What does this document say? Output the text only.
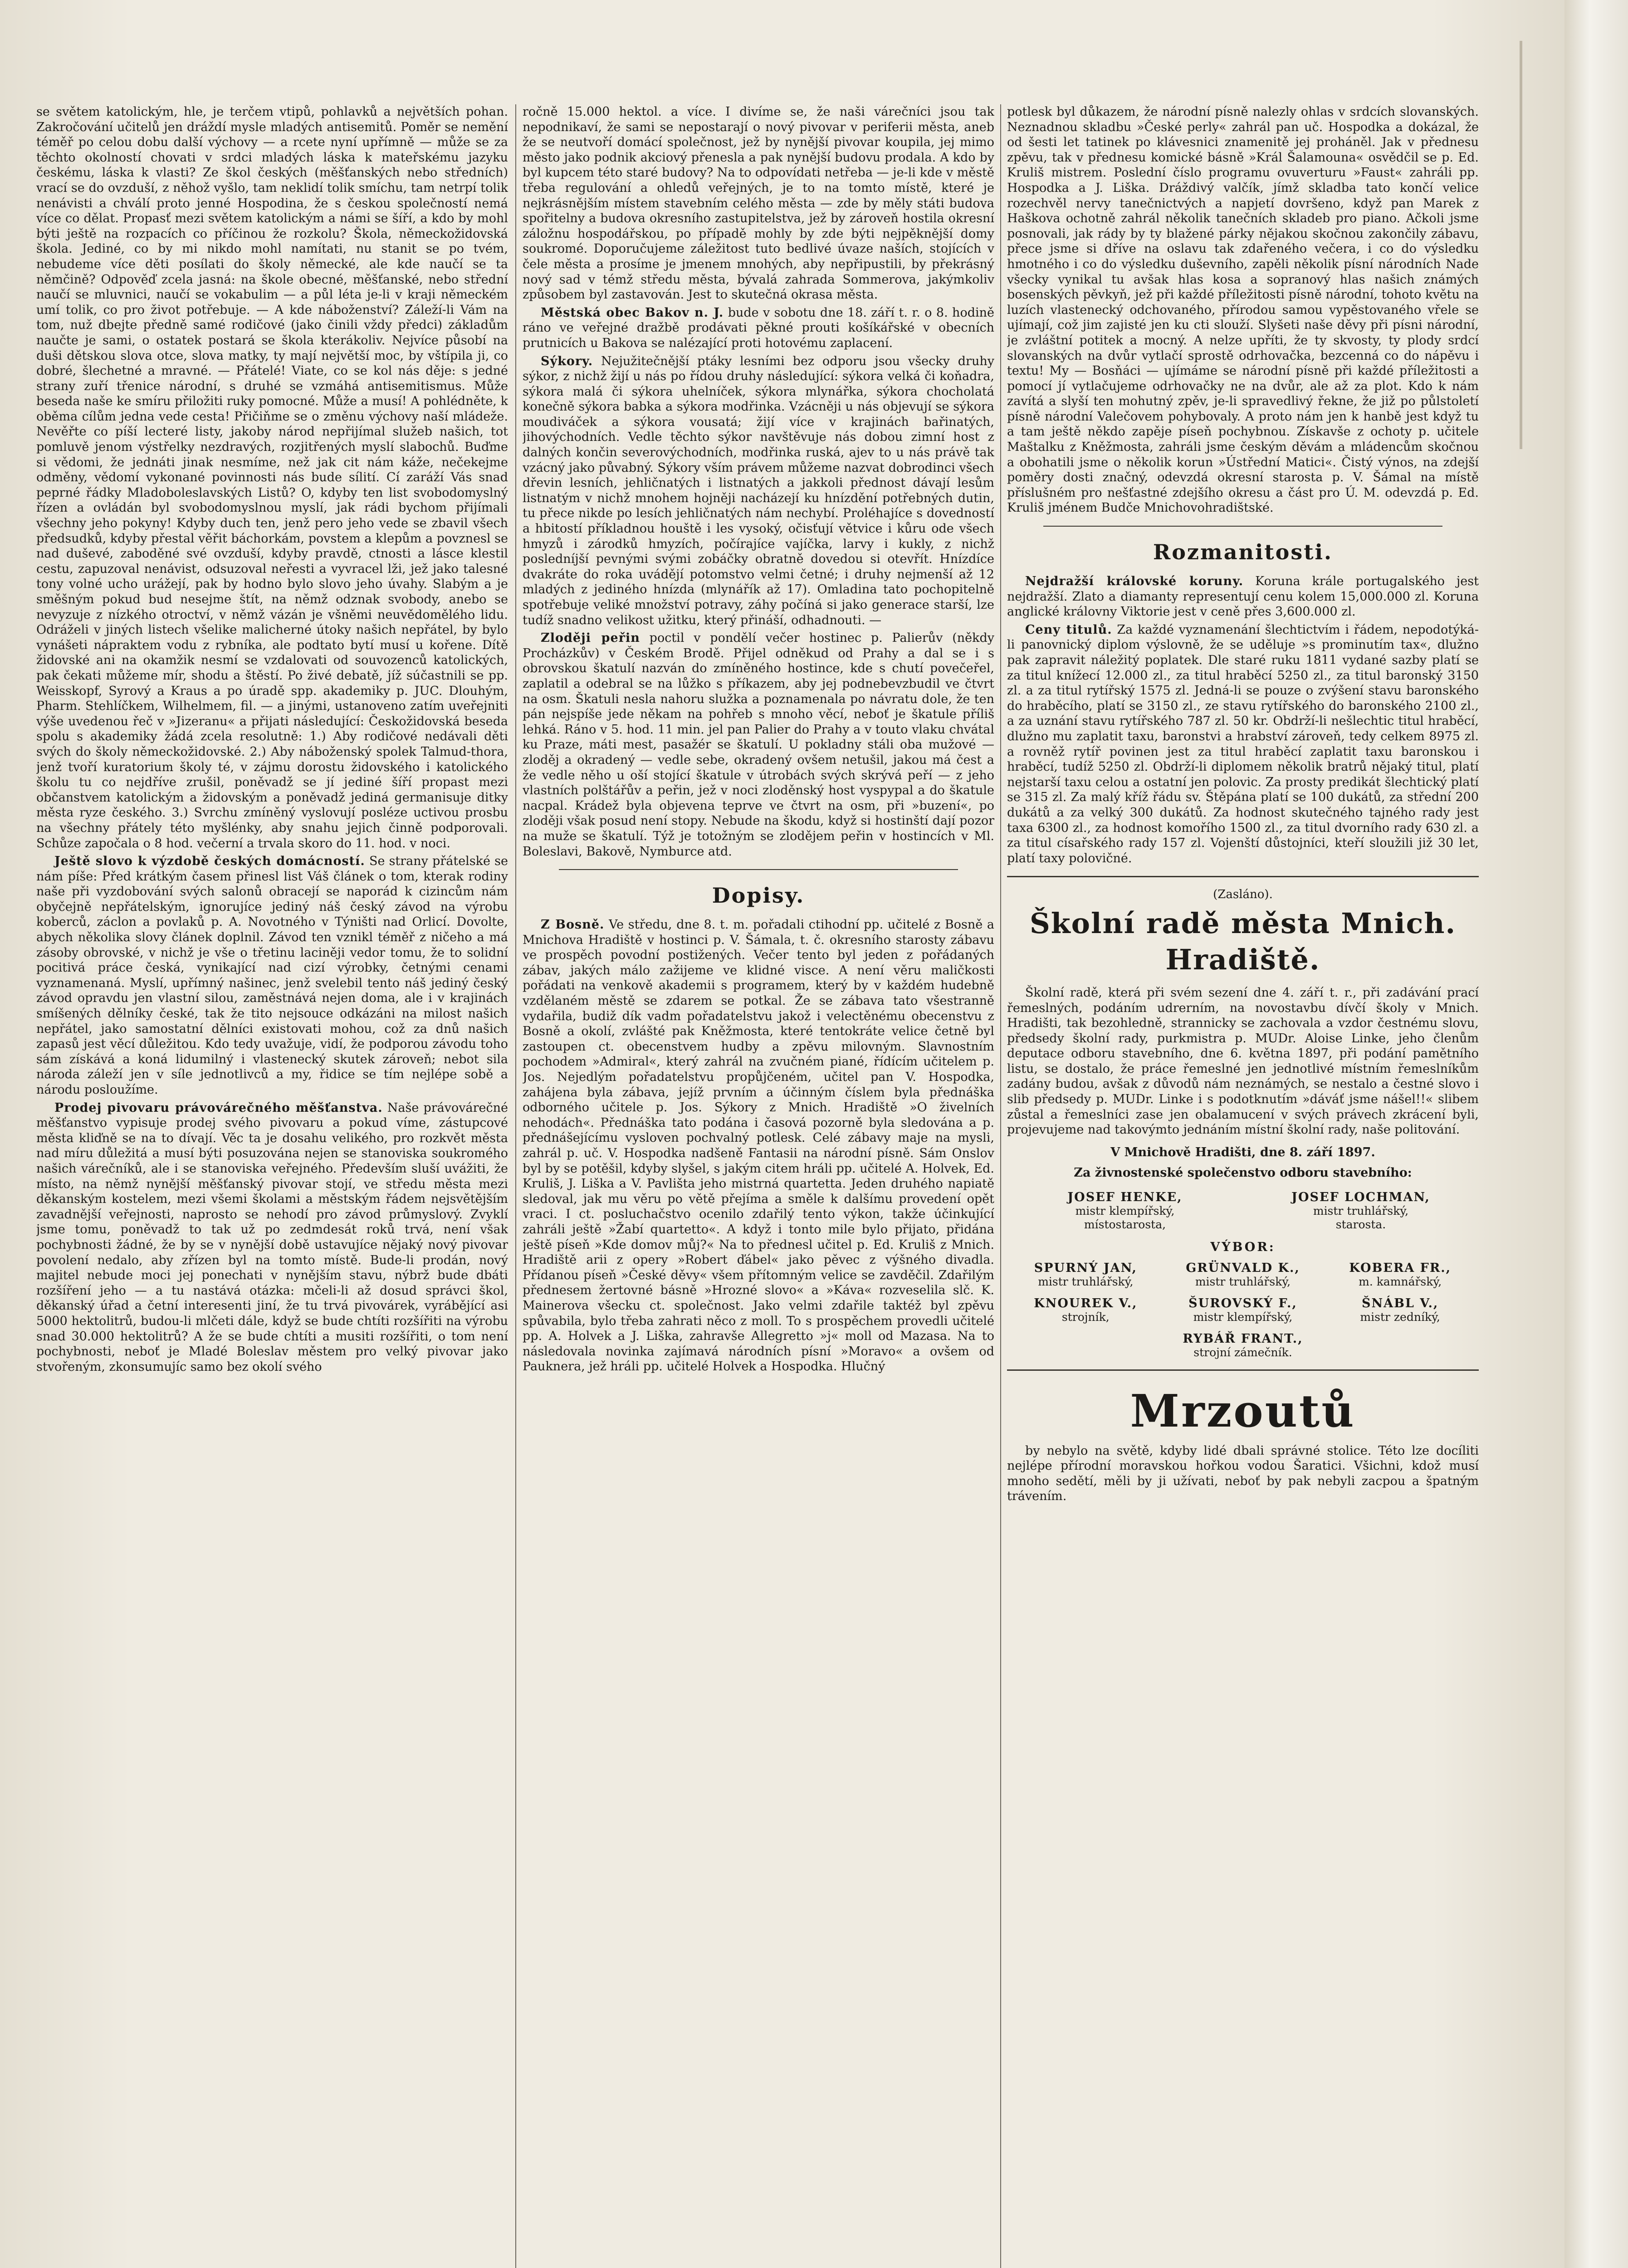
se světem katolickým, hle, je terčem vtipů, pohlavků a největších pohan. Zakročování učitelů jen dráždí mysle mladých antisemitů. Poměr se nemění téměř po celou dobu další výchovy — a rcete nyní upřímně — může se za těchto okolností chovati v srdci mladých láska k mateřskému jazyku českému, láska k vlasti? Ze škol českých (měšťanských nebo středních) vrací se do ovzduší, z něhož vyšlo, tam neklidí tolik smíchu, tam netrpí tolik nenávisti a chválí proto jenné Hospodina, že s českou společností nemá více co dělat. Propasť mezi světem katolickým a námi se šíří, a kdo by mohl býti ještě na rozpacích co příčinou že rozkolu? Škola, německožidovská škola. Jediné, co by mi nikdo mohl namítati, nu stanit se po tvém, nebudeme více děti posílati do školy německé, ale kde naučí se ta němčině? Odpověď zcela jasná: na škole obecné, měšťanské, nebo střední naučí se mluvnici, naučí se vokabulim — a půl léta je-li v kraji německém umí tolik, co pro život potřebuje. — A kde náboženství? Záleží-li Vám na tom, nuž dbejte předně samé rodičové (jako činili vždy předci) základům naučte je sami, o ostatek postará se škola kterákoliv. Nejvíce působí na duši dětskou slova otce, slova matky, ty mají největší moc, by vštípila ji, co dobré, šlechetné a mravné. — Přátelé! Viate, co se kol nás děje: s jedné strany zuří třenice národní, s druhé se vzmáhá antisemitismus. Může beseda naše ke smíru přiložiti ruky pomocné. Může a musí! A pohlédněte, k oběma cílům jedna vede cesta! Přičiňme se o změnu výchovy naší mládeže. Nevěřte co píší lecteré listy, jakoby národ nepřijímal služeb našich, tot pomluvě jenom výstřelky nezdravých, rozjitřených myslí slabochů. Buďme si vědomi, že jednáti jinak nesmíme, než jak cit nám káže, nečekejme odměny, vědomí vykonané povinnosti nás bude sílití. Cí zaráží Vás snad peprné řádky Mladoboleslavských Listů? O, kdyby ten list svobodomyslný řízen a ovládán byl svobodomyslnou myslí, jak rádi bychom přijímali všechny jeho pokyny! Kdyby duch ten, jenž pero jeho vede se zbavil všech předsudků, kdyby přestal věřit báchorkám, povstem a klepům a povznesl se nad duševé, zaboděné své ovzduší, kdyby pravdě, ctnosti a lásce klestil cestu, zapuzoval nenávist, odsuzoval neřesti a vyvracel lži, jež jako talesné tony volné ucho urážejí, pak by hodno bylo slovo jeho úvahy. Slabým a je směšným pokud bud nesejme štít, na němž odznak svobody, anebo se nevyzuje z nízkého otroctví, v němž vázán je všněmi neuvědomělého lidu. Odráželi v jiných listech všelike malicherné útoky našich nepřátel, by bylo vynášeti nápraktem vodu z rybníka, ale podtato bytí musí u kořene. Dítě židovské ani na okamžik nesmí se vzdalovati od souvozenců katolických, pak čekati můžeme mír, shodu a štěstí. Po živé debatě, jíž súčastnili se pp. Weisskopf, Syrový a Kraus a po úradě spp. akademiky p. JUC. Dlouhým, Pharm. Stehlíčkem, Wilhelmem, fil. — a jinými, ustanoveno zatím uveřejniti výše uvedenou řeč v »Jizeranu« a přijati následující: Českožidovská beseda spolu s akademiky žádá zcela resolutně: 1.) Aby rodičové nedávali děti svých do školy německožidovské. 2.) Aby náboženský spolek Talmud-thora, jenž tvoří kuratorium školy té, v zájmu dorostu židovského i katolického školu tu co nejdříve zrušil, poněvadž se jí jediné šíří propast mezi občanstvem katolickým a židovským a poněvadž jediná germanisuje ditky města ryze českého. 3.) Svrchu zmíněný vyslovují posléze uctivou prosbu na všechny přátely této myšlénky, aby snahu jejich činně podporovali. Schůze započala o 8 hod. večerní a trvala skoro do 11. hod. v noci.

Ještě slovo k výzdobě českých domácností. Se strany přátelské se nám píše: Před krátkým časem přinesl list Váš článek o tom, kterak rodiny naše při vyzdobování svých salonů obracejí se naporád k cizincům nám obyčejně nepřátelským, ignorujíce jediný náš český závod na výrobu koberců, záclon a povlaků p. A. Novotného v Týništi nad Orlicí. Dovolte, abych několika slovy článek doplnil. Závod ten vznikl téměř z ničeho a má zásoby obrovské, v nichž je vše o třetinu laciněji vedor tomu, že to solidní pocitivá práce česká, vynikající nad cizí výrobky, četnými cenami vyznamenaná. Myslí, upřímný našinec, jenž svelebil tento náš jediný český závod opravdu jen vlastní silou, zaměstnává nejen doma, ale i v krajinách smíšených dělníky české, tak že tito nejsouce odkázáni na milost našich nepřátel, jako samostatní dělníci existovati mohou, což za dnů našich zapasů jest věcí důležitou. Kdo tedy uvažuje, vidí, že podporou závodu toho sám získává a koná lidumilný i vlastenecký skutek zároveň; nebot sila národa záleží jen v síle jednotlivců a my, řidice se tím nejlépe sobě a národu posloužíme.

Prodej pivovaru právovárečného měšťanstva. Naše právovárečné měšťanstvo vypisuje prodej svého pivovaru a pokud víme, zástupcové města kliďně se na to dívají. Věc ta je dosahu velikého, pro rozkvět města nad míru důležitá a musí býti posuzována nejen se stanoviska soukromého našich várečníků, ale i se stanoviska veřejného. Především sluší uvážiti, že místo, na němž nynější měšťanský pivovar stojí, ve středu města mezi děkanským kostelem, mezi všemi školami a městským řádem nejsvětějším zavadnější veřejnosti, naprosto se nehodí pro závod průmyslový. Zvyklí jsme tomu, poněvadž to tak už po zedmdesát roků trvá, není však pochybnosti žádné, že by se v nynější době ustavujíce nějaký nový pivovar povolení nedalo, aby zřízen byl na tomto místě. Bude-li prodán, nový majitel nebude moci jej ponechati v nynějším stavu, nýbrž bude dbáti rozšíření jeho — a tu nastává otázka: mčeli-li až dosud správci škol, děkanský úřad a četní interesenti jiní, že tu trvá pivovárek, vyrábějící asi 5000 hektolitrů, budou-li mlčeti dále, když se bude chtíti rozšířiti na výrobu snad 30.000 hektolitrů? A že se bude chtíti a musiti rozšířiti, o tom není pochybnosti, neboť je Mladé Boleslav městem pro velký pivovar jako stvořeným, zkonsumujíc samo bez okolí svého

ročně 15.000 hektol. a více. I divíme se, že naši várečníci jsou tak nepodnikaví, že sami se nepostarají o nový pivovar v periferii města, aneb že se neutvoří domácí společnost, jež by nynější pivovar koupila, jej mimo město jako podnik akciový přenesla a pak nynější budovu prodala. A kdo by byl kupcem této staré budovy? Na to odpovídati netřeba — je-li kde v městě třeba regulování a ohledů veřejných, je to na tomto místě, které je nejkrásnějším místem stavebním celého města — zde by měly státi budova spořitelny a budova okresního zastupitelstva, jež by zároveň hostila okresní záložnu hospodářskou, po případě mohly by zde býti nejpěknější domy soukromé. Doporučujeme záležitost tuto bedlivé úvaze naších, stojících v čele města a prosíme je jmenem mnohých, aby nepřipustili, by překrásný nový sad v témž středu města, bývalá zahrada Sommerova, jakýmkoliv způsobem byl zastavován. Jest to skutečná okrasa města.

Městská obec Bakov n. J. bude v sobotu dne 18. září t. r. o 8. hodině ráno ve veřejné dražbě prodávati pěkné prouti košíkářské v obecních prutnicích u Bakova se nalézající proti hotovému zaplacení.

Sýkory. Nejužitečnější ptáky lesními bez odporu jsou všecky druhy sýkor, z nichž žijí u nás po řídou druhy následující: sýkora velká či koňadra, sýkora malá či sýkora uhelníček, sýkora mlynářka, sýkora chocholatá konečně sýkora babka a sýkora modřinka. Vzácněji u nás objevují se sýkora moudiváček a sýkora vousatá; žijí více v krajinách bařinatých, jihovýchodních. Vedle těchto sýkor navštěvuje nás dobou zimní host z dalných končin severovýchodních, modřinka ruská, ajev to u nás právě tak vzácný jako půvabný. Sýkory vším právem můžeme nazvat dobrodinci všech dřevin lesních, jehličnatých i listnatých a jakkoli přednost dávají lesům listnatým v nichž mnohem hojněji nacházejí ku hnízdění potřebných dutin, tu přece nikde po lesích jehličnatých nám nechybí. Proléhajíce s dovedností a hbitostí příkladnou houště i les vysoký, očisťují větvice i kůru ode všech hmyzů i zárodků hmyzích, počírajíce vajíčka, larvy i kukly, z nichž posledníjší pevnými svými zobáčky obratně dovedou si otevřít. Hnízdíce dvakráte do roka uvádějí potomstvo velmi četné; i druhy nejmenší až 12 mladých z jediného hnízda (mlynářík až 17). Omladina tato pochopitelně spotřebuje veliké množství potravy, záhy počíná si jako generace starší, lze tudíž snadno velikost užitku, který přináší, odhadnouti. —

Zloději peřin poctil v pondělí večer hostinec p. Palierův (někdy Procházkův) v Českém Brodě. Přijel odněkud od Prahy a dal se i s obrovskou škatulí nazván do zmíněného hostince, kde s chutí povečeřel, zaplatil a odebral se na lůžko s příkazem, aby jej podnebevzbudil ve čtvrt na osm. Škatuli nesla nahoru služka a poznamenala po návratu dole, že ten pán nejspíše jede někam na pohřeb s mnoho věcí, neboť je škatule příliš lehká. Ráno v 5. hod. 11 min. jel pan Palier do Prahy a v touto vlaku chvátal ku Praze, máti mest, pasažér se škatulí. U pokladny stáli oba mužové — zloděj a okradený — vedle sebe, okradený ovšem netušil, jakou má čest a že vedle něho u oší stojící škatule v útrobách svých skrývá peří — z jeho vlastních polštářův a peřin, jež v noci zloděnský host vyspypal a do škatule nacpal. Krádež byla objevena teprve ve čtvrt na osm, při »buzení«, po zloději však posud není stopy. Nebude na škodu, když si hostinští dají pozor na muže se škatulí. Týž je totožným se zlodějem peřin v hostincích v Ml. Boleslavi, Bakově, Nymburce atd.

Dopisy.

Z Bosně. Ve středu, dne 8. t. m. pořadali ctihodní pp. učitelé z Bosně a Mnichova Hradiště v hostinci p. V. Šámala, t. č. okresního starosty zábavu ve prospěch povodní postižených. Večer tento byl jeden z pořádaných zábav, jakých málo zažijeme ve klidné visce. A není věru maličkosti pořádati na venkově akademii s programem, který by v každém hudebně vzdělaném městě se zdarem se potkal. Že se zábava tato všestranně vydařila, budiž dík vadm pořadatelstvu jakož i velectěnému obecenstvu z Bosně a okolí, zvlášté pak Kněžmosta, které tentokráte velice četně byl zastoupen ct. obecenstvem hudby a zpěvu milovným. Slavnostním pochodem »Admiral«, který zahrál na zvučném piané, řídícím učitelem p. Jos. Nejedlým pořadatelstvu propůjčeném, učitel pan V. Hospodka, zahájena byla zábava, jejíž prvním a účinným číslem byla přednáška odborného učitele p. Jos. Sýkory z Mnich. Hradiště »O živelních nehodách«. Přednáška tato podána i časová pozorně byla sledována a p. přednášejícímu vysloven pochvalný potlesk. Celé zábavy maje na mysli, zahrál p. uč. V. Hospodka nadšeně Fantasii na národní písně. Sám Onslov byl by se potěšil, kdyby slyšel, s jakým citem hráli pp. učitelé A. Holvek, Ed. Kruliš, J. Liška a V. Pavlišta jeho mistrná quartetta. Jeden druhého napiatě sledoval, jak mu věru po větě přejíma a směle k dalšímu provedení opět vraci. I ct. posluchačstvo ocenilo zdařilý tento výkon, takže účinkující zahráli ještě »Žabí quartetto«. A když i tonto mile bylo přijato, přidána ještě píseň »Kde domov můj?« Na to přednesl učitel p. Ed. Kruliš z Mnich. Hradiště arii z opery »Robert ďábel« jako pěvec z výšného divadla. Přídanou píseň »České děvy« všem přítomným velice se zavděčil. Zdařilým přednesem žertovné básně »Hrozné slovo« a »Káva« rozveselila slč. K. Mainerova všecku ct. společnost. Jako velmi zdařile taktéž byl zpěvu spůvabila, bylo třeba zahrati něco z moll. To s prospěchem provedli učitelé pp. A. Holvek a J. Liška, zahravše Allegretto »j« moll od Mazasa. Na to následovala novinka zajímavá národních písní »Moravo« a ovšem od Pauknera, jež hráli pp. učitelé Holvek a Hospodka. Hlučný

potlesk byl důkazem, že národní písně nalezly ohlas v srdcích slovanských. Neznadnou skladbu »České perly« zahrál pan uč. Hospodka a dokázal, že od šesti let tatinek po klávesnici znamenitě jej proháněl. Jak v přednesu zpěvu, tak v přednesu komické básně »Král Šalamouna« osvědčil se p. Ed. Kruliš mistrem. Poslední číslo programu ovuverturu »Faust« zahráli pp. Hospodka a J. Liška. Dráždivý valčík, jímž skladba tato končí velice rozechvěl nervy tanečnictvých a napjetí dovršeno, když pan Marek z Haškova ochotně zahrál několik tanečních skladeb pro piano. Ačkoli jsme posnovali, jak rády by ty blažené párky nějakou skočnou zakončily zábavu, přece jsme si dříve na oslavu tak zdařeného večera, i co do výsledku hmotného i co do výsledku duševního, zapěli několik písní národních Nade všecky vynikal tu avšak hlas kosa a sopranový hlas našich známých bosenských pěvkyň, jež při každé příležitosti písně národní, tohoto květu na luzích vlastenecký odchovaného, přírodou samou vypěstovaného vřele se ujímají, což jim zajisté jen ku cti slouží. Slyšeti naše děvy při písni národní, je zvláštní potitek a mocný. A nelze upříti, že ty skvosty, ty plody srdcí slovanských na dvůr vytlačí sprostě odrhovačka, bezcenná co do nápěvu i textu! My — Bosňáci — ujímáme se národní písně při každé příležitosti a pomocí jí vytlačujeme odrhovačky ne na dvůr, ale až za plot. Kdo k nám zavítá a slyší ten mohutný zpěv, je-li spravedlivý řekne, že již po půlstoletí písně národní Valečovem pohybovaly. A proto nám jen k hanbě jest když tu a tam ještě někdo zapěje píseň pochybnou. Získavše z ochoty p. učitele Maštalku z Kněžmosta, zahráli jsme českým děvám a mládencům skočnou a obohatili jsme o několik korun »Ústřední Matici«. Čistý výnos, na zdejší poměry dosti značný, odevzdá okresní starosta p. V. Šámal na místě příslušném pro nešťastné zdejšího okresu a část pro Ú. M. odevzdá p. Ed. Kruliš jménem Budče Mnichovohradištské.

Rozmanitosti.

Nejdražší královské koruny. Koruna krále portugalského jest nejdražší. Zlato a diamanty representují cenu kolem 15,000.000 zl. Koruna anglické královny Viktorie jest v ceně přes 3,600.000 zl.

Ceny titulů. Za každé vyznamenání šlechtictvím i řádem, nepodotýká-li panovnický diplom výslovně, že se uděluje »s prominutím tax«, dlužno pak zapravit náležitý poplatek. Dle staré ruku 1811 vydané sazby platí se za titul knížecí 12.000 zl., za titul hraběcí 5250 zl., za titul baronský 3150 zl. a za titul rytířský 1575 zl. Jedná-li se pouze o zvýšení stavu baronského do hraběcího, platí se 3150 zl., ze stavu rytířského do baronského 2100 zl., a za uznání stavu rytířského 787 zl. 50 kr. Obdrží-li nešlechtic titul hraběcí, dlužno mu zaplatit taxu, baronstvi a hrabství zároveň, tedy celkem 8975 zl. a rovněž rytíř povinen jest za titul hraběcí zaplatit taxu baronskou i hraběcí, tudíž 5250 zl. Obdrží-li diplomem několik bratrů nějaký titul, platí nejstarší taxu celou a ostatní jen polovic. Za prosty predikát šlechtický platí se 315 zl. Za malý kříž řádu sv. Štěpána platí se 100 dukátů, za střední 200 dukátů a za velký 300 dukátů. Za hodnost skutečného tajného rady jest taxa 6300 zl., za hodnost komořího 1500 zl., za titul dvorního rady 630 zl. a za titul císařského rady 157 zl. Vojenští důstojníci, kteří sloužili již 30 let, platí taxy polovičné.

(Zasláno).
Školní radě města Mnich. Hradiště.

Školní radě, která při svém sezení dne 4. září t. r., při zadávání prací řemeslných, podáním udrerním, na novostavbu dívčí školy v Mnich. Hradišti, tak bezohledně, strannicky se zachovala a vzdor čestnému slovu, předsedy školní rady, purkmistra p. MUDr. Aloise Linke, jeho členům deputace odboru stavebního, dne 6. května 1897, při podání pamětního listu, se dostalo, že práce řemeslné jen jednotlivé místním řemeslníkům zadány budou, avšak z důvodů nám neznámých, se nestalo a čestné slovo i slib předsedy p. MUDr. Linke i s podotknutím »dáváť jsme nášel!!« slibem zůstal a řemeslníci zase jen obalamucení v svých právech zkrácení byli, projevujeme nad takovýmto jednáním místní školní rady, naše politování.

V Mnichově Hradišti, dne 8. září 1897.
Za živnostenské společenstvo odboru stavebního:
JOSEF HENKE,
mistr klempířský,
místostarosta,
JOSEF LOCHMAN,
mistr truhlářský,
starosta.
VÝBOR:
SPURNÝ JAN,
mistr truhlářský,
GRÜNVALD K.,
mistr truhlářský,
KOBERA FR.,
m. kamnářský,
KNOUREK V.,
strojník,
ŠUROVSKÝ F.,
mistr klempířský,
ŠNÁBL V.,
mistr zedníký,
RYBÁŘ FRANT.,
strojní zámečník.
Mrzoutů

by nebylo na světě, kdyby lidé dbali správné stolice. Této lze docíliti nejlépe přírodní moravskou hořkou vodou Šaratici. Všichni, kdož musí mnoho sedětí, měli by ji užívati, neboť by pak nebyli zacpou a špatným trávením.
